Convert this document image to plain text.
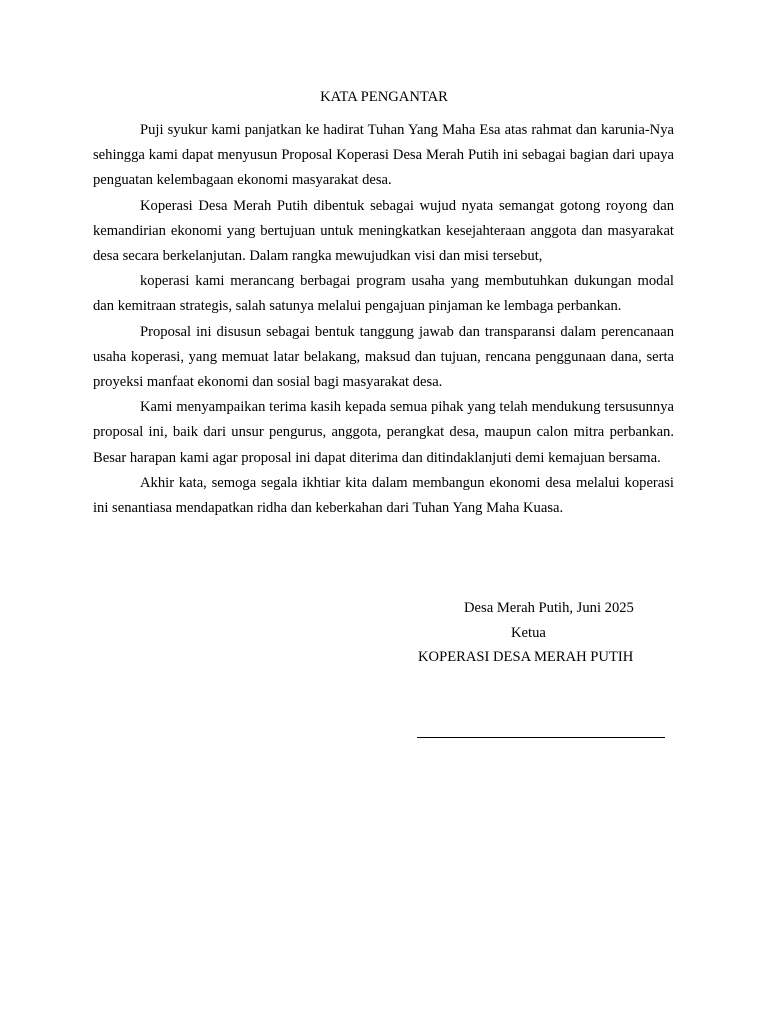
KATA PENGANTAR

Puji syukur kami panjatkan ke hadirat Tuhan Yang Maha Esa atas rahmat dan karunia-Nya sehingga kami dapat menyusun Proposal Koperasi Desa Merah Putih ini sebagai bagian dari upaya penguatan kelembagaan ekonomi masyarakat desa.

Koperasi Desa Merah Putih dibentuk sebagai wujud nyata semangat gotong royong dan kemandirian ekonomi yang bertujuan untuk meningkatkan kesejahteraan anggota dan masyarakat desa secara berkelanjutan. Dalam rangka mewujudkan visi dan misi tersebut,

koperasi kami merancang berbagai program usaha yang membutuhkan dukungan modal dan kemitraan strategis, salah satunya melalui pengajuan pinjaman ke lembaga perbankan.

Proposal ini disusun sebagai bentuk tanggung jawab dan transparansi dalam perencanaan usaha koperasi, yang memuat latar belakang, maksud dan tujuan, rencana penggunaan dana, serta proyeksi manfaat ekonomi dan sosial bagi masyarakat desa.

Kami menyampaikan terima kasih kepada semua pihak yang telah mendukung tersusunnya proposal ini, baik dari unsur pengurus, anggota, perangkat desa, maupun calon mitra perbankan. Besar harapan kami agar proposal ini dapat diterima dan ditindaklanjuti demi kemajuan bersama.

Akhir kata, semoga segala ikhtiar kita dalam membangun ekonomi desa melalui koperasi ini senantiasa mendapatkan ridha dan keberkahan dari Tuhan Yang Maha Kuasa.

Desa Merah Putih, Juni 2025

Ketua

KOPERASI DESA MERAH PUTIH
